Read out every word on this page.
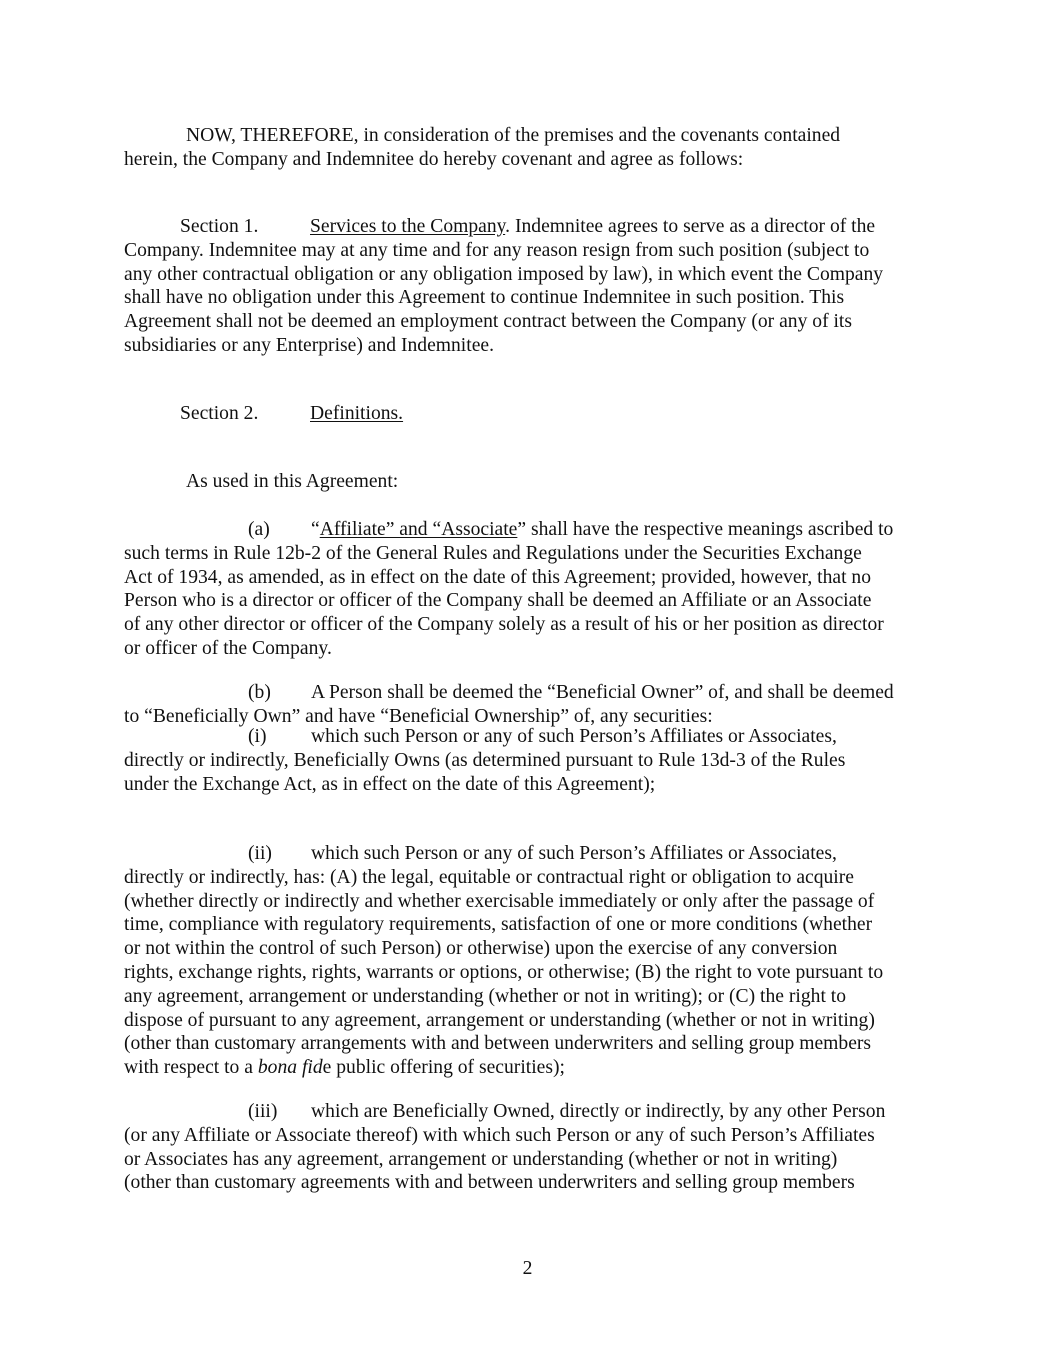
NOW, THEREFORE, in consideration of the premises and the covenants contained
herein, the Company and Indemnitee do hereby covenant and agree as follows:
Section 1.	Services to the Company. Indemnitee agrees to serve as a director of the
Company. Indemnitee may at any time and for any reason resign from such position (subject to
any other contractual obligation or any obligation imposed by law), in which event the Company
shall have no obligation under this Agreement to continue Indemnitee in such position. This
Agreement shall not be deemed an employment contract between the Company (or any of its
subsidiaries or any Enterprise) and Indemnitee.
Section 2.	Definitions.
As used in this Agreement:
(a) “Affiliate” and “Associate” shall have the respective meanings ascribed to
such terms in Rule 12b-2 of the General Rules and Regulations under the Securities Exchange
Act of 1934, as amended, as in effect on the date of this Agreement; provided, however, that no
Person who is a director or officer of the Company shall be deemed an Affiliate or an Associate
of any other director or officer of the Company solely as a result of his or her position as director
or officer of the Company.
(b) A Person shall be deemed the “Beneficial Owner” of, and shall be deemed
to “Beneficially Own” and have “Beneficial Ownership” of, any securities:
(i) which such Person or any of such Person’s Affiliates or Associates,
directly or indirectly, Beneficially Owns (as determined pursuant to Rule 13d-3 of the Rules
under the Exchange Act, as in effect on the date of this Agreement);
(ii) which such Person or any of such Person’s Affiliates or Associates,
directly or indirectly, has: (A) the legal, equitable or contractual right or obligation to acquire
(whether directly or indirectly and whether exercisable immediately or only after the passage of
time, compliance with regulatory requirements, satisfaction of one or more conditions (whether
or not within the control of such Person) or otherwise) upon the exercise of any conversion
rights, exchange rights, rights, warrants or options, or otherwise; (B) the right to vote pursuant to
any agreement, arrangement or understanding (whether or not in writing); or (C) the right to
dispose of pursuant to any agreement, arrangement or understanding (whether or not in writing)
(other than customary arrangements with and between underwriters and selling group members
with respect to a bona fide public offering of securities);
(iii) which are Beneficially Owned, directly or indirectly, by any other Person
(or any Affiliate or Associate thereof) with which such Person or any of such Person’s Affiliates
or Associates has any agreement, arrangement or understanding (whether or not in writing)
(other than customary agreements with and between underwriters and selling group members
2
